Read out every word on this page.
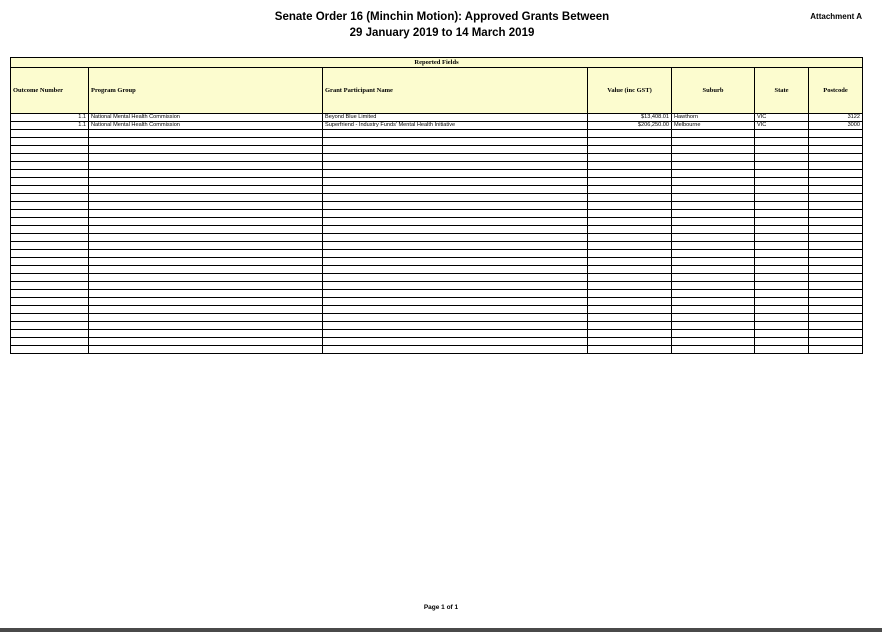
Senate Order 16 (Minchin Motion): Approved Grants Between
29 January 2019 to 14 March 2019
Attachment A
Reported Fields						
Outcome Number	Program Group	Grant Participant Name	Value (inc GST)	Suburb	State	Postcode
1.1	National Mental Health Commission	Beyond Blue Limited	$13,408.01	Hawthorn	VIC	3122
1.1	National Mental Health Commission	Superfriend - Industry Funds' Mental Health Initiative	$206,250.00	Melbourne	VIC	3000

Page 1 of 1
